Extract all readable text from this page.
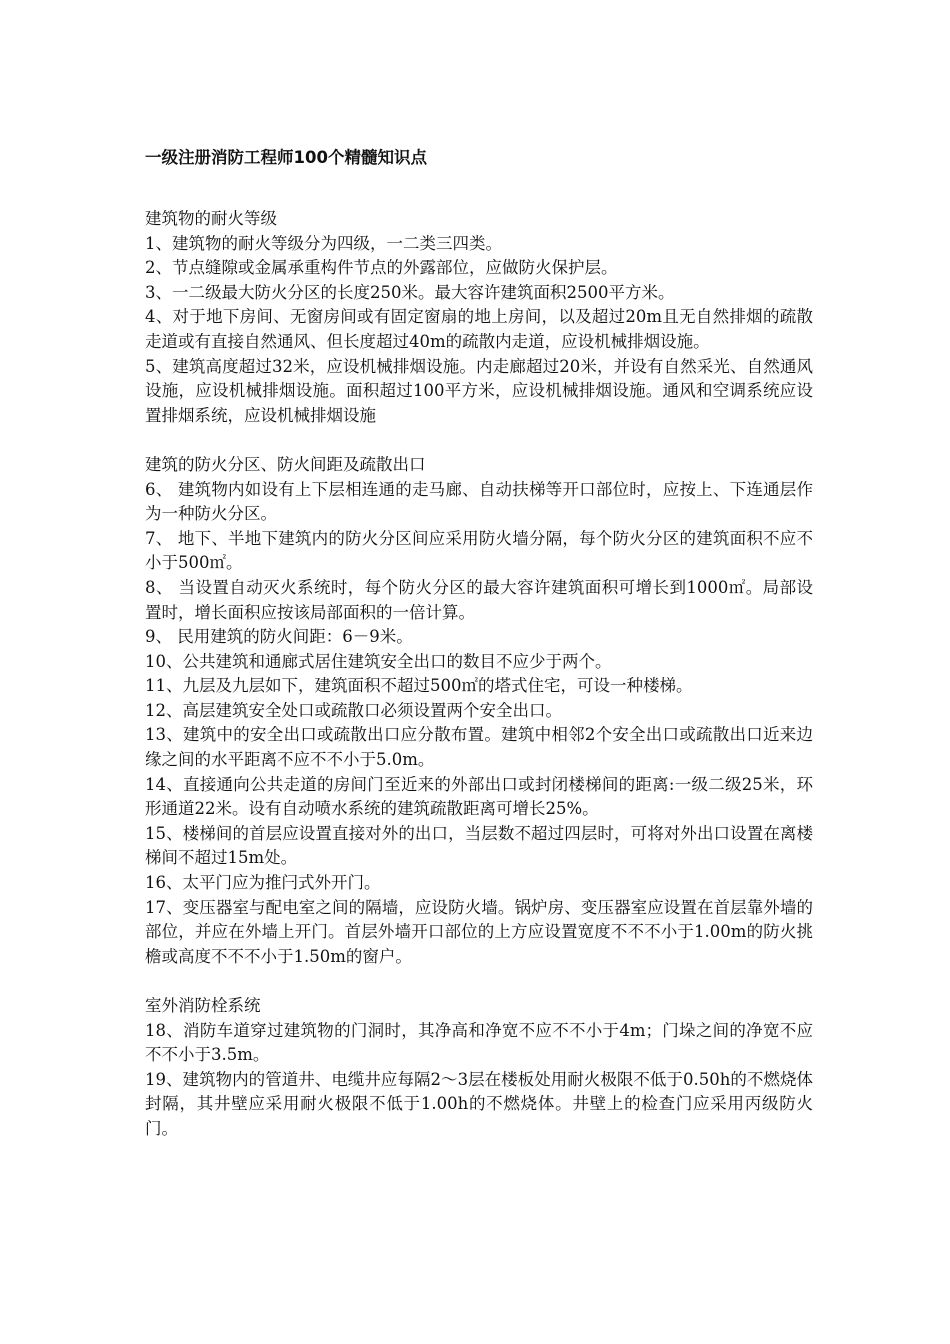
一级注册消防工程师100个精髓知识点

建筑物的耐火等级

1、建筑物的耐火等级分为四级，一二类三四类。

2、节点缝隙或金属承重构件节点的外露部位，应做防火保护层。

3、一二级最大防火分区的长度250米。最大容许建筑面积2500平方米。

4、对于地下房间、无窗房间或有固定窗扇的地上房间，以及超过20m且无自然排烟的疏散走道或有直接自然通风、但长度超过40m的疏散内走道，应设机械排烟设施。

5、建筑高度超过32米，应设机械排烟设施。内走廊超过20米，并设有自然采光、自然通风设施，应设机械排烟设施。面积超过100平方米，应设机械排烟设施。通风和空调系统应设置排烟系统，应设机械排烟设施

建筑的防火分区、防火间距及疏散出口

6、 建筑物内如设有上下层相连通的走马廊、自动扶梯等开口部位时，应按上、下连通层作为一种防火分区。

7、 地下、半地下建筑内的防火分区间应采用防火墙分隔，每个防火分区的建筑面积不应不小于500㎡。

8、 当设置自动灭火系统时，每个防火分区的最大容许建筑面积可增长到1000㎡。局部设置时，增长面积应按该局部面积的一倍计算。

9、 民用建筑的防火间距：6－9米。

10、公共建筑和通廊式居住建筑安全出口的数目不应少于两个。

11、九层及九层如下，建筑面积不超过500㎡的塔式住宅，可设一种楼梯。

12、高层建筑安全处口或疏散口必须设置两个安全出口。

13、建筑中的安全出口或疏散出口应分散布置。建筑中相邻2个安全出口或疏散出口近来边缘之间的水平距离不应不不小于5.0m。

14、直接通向公共走道的房间门至近来的外部出口或封闭楼梯间的距离:一级二级25米，环形通道22米。设有自动喷水系统的建筑疏散距离可增长25%。

15、楼梯间的首层应设置直接对外的出口，当层数不超过四层时，可将对外出口设置在离楼梯间不超过15m处。

16、太平门应为推闩式外开门。

17、变压器室与配电室之间的隔墙，应设防火墙。锅炉房、变压器室应设置在首层靠外墙的部位，并应在外墙上开门。首层外墙开口部位的上方应设置宽度不不不小于1.00m的防火挑檐或高度不不不小于1.50m的窗户。

室外消防栓系统

18、消防车道穿过建筑物的门洞时，其净高和净宽不应不不小于4m；门垛之间的净宽不应不不小于3.5m。

19、建筑物内的管道井、电缆井应每隔2～3层在楼板处用耐火极限不低于0.50h的不燃烧体封隔，其井壁应采用耐火极限不低于1.00h的不燃烧体。井壁上的检查门应采用丙级防火门。
